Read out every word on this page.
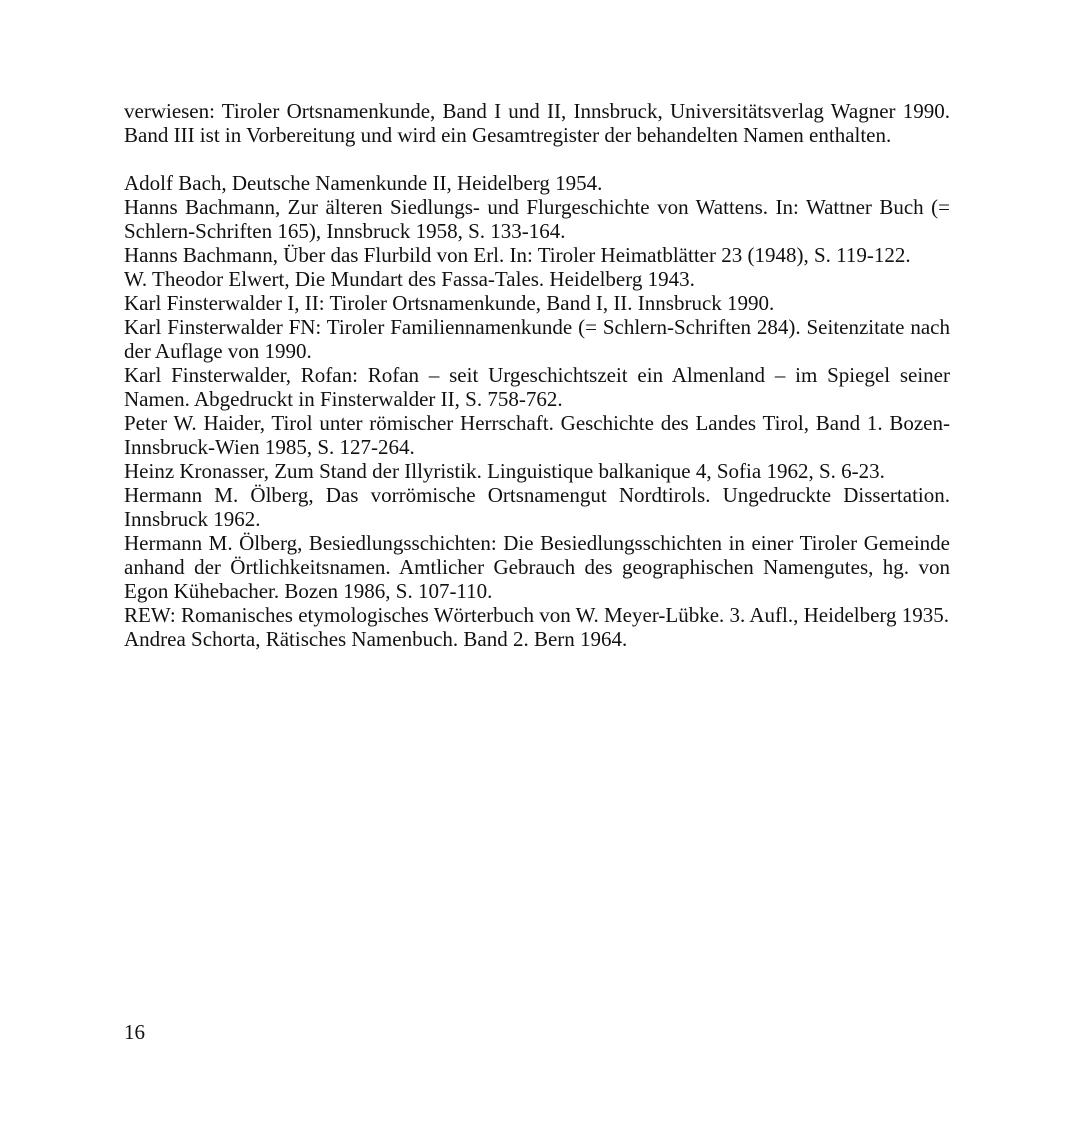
verwiesen: Tiroler Ortsnamenkunde, Band I und II, Innsbruck, Universitätsverlag Wagner 1990. Band III ist in Vorbereitung und wird ein Gesamtregister der behandelten Namen enthalten.

Adolf Bach, Deutsche Namenkunde II, Heidelberg 1954.
Hanns Bachmann, Zur älteren Siedlungs- und Flurgeschichte von Wattens. In: Wattner Buch (= Schlern-Schriften 165), Innsbruck 1958, S. 133-164.
Hanns Bachmann, Über das Flurbild von Erl. In: Tiroler Heimatblätter 23 (1948), S. 119-122.
W. Theodor Elwert, Die Mundart des Fassa-Tales. Heidelberg 1943.
Karl Finsterwalder I, II: Tiroler Ortsnamenkunde, Band I, II. Innsbruck 1990.
Karl Finsterwalder FN: Tiroler Familiennamenkunde (= Schlern-Schriften 284). Seitenzitate nach der Auflage von 1990.
Karl Finsterwalder, Rofan: Rofan – seit Urgeschichtszeit ein Almenland – im Spiegel seiner Namen. Abgedruckt in Finsterwalder II, S. 758-762.
Peter W. Haider, Tirol unter römischer Herrschaft. Geschichte des Landes Tirol, Band 1. Bozen-Innsbruck-Wien 1985, S. 127-264.
Heinz Kronasser, Zum Stand der Illyristik. Linguistique balkanique 4, Sofia 1962, S. 6-23.
Hermann M. Ölberg, Das vorrömische Ortsnamengut Nordtirols. Ungedruckte Dissertation. Innsbruck 1962.
Hermann M. Ölberg, Besiedlungsschichten: Die Besiedlungsschichten in einer Tiroler Gemeinde anhand der Örtlichkeitsnamen. Amtlicher Gebrauch des geographischen Namengutes, hg. von Egon Kühebacher. Bozen 1986, S. 107-110.
REW: Romanisches etymologisches Wörterbuch von W. Meyer-Lübke. 3. Aufl., Heidelberg 1935.
Andrea Schorta, Rätisches Namenbuch. Band 2. Bern 1964.
16
